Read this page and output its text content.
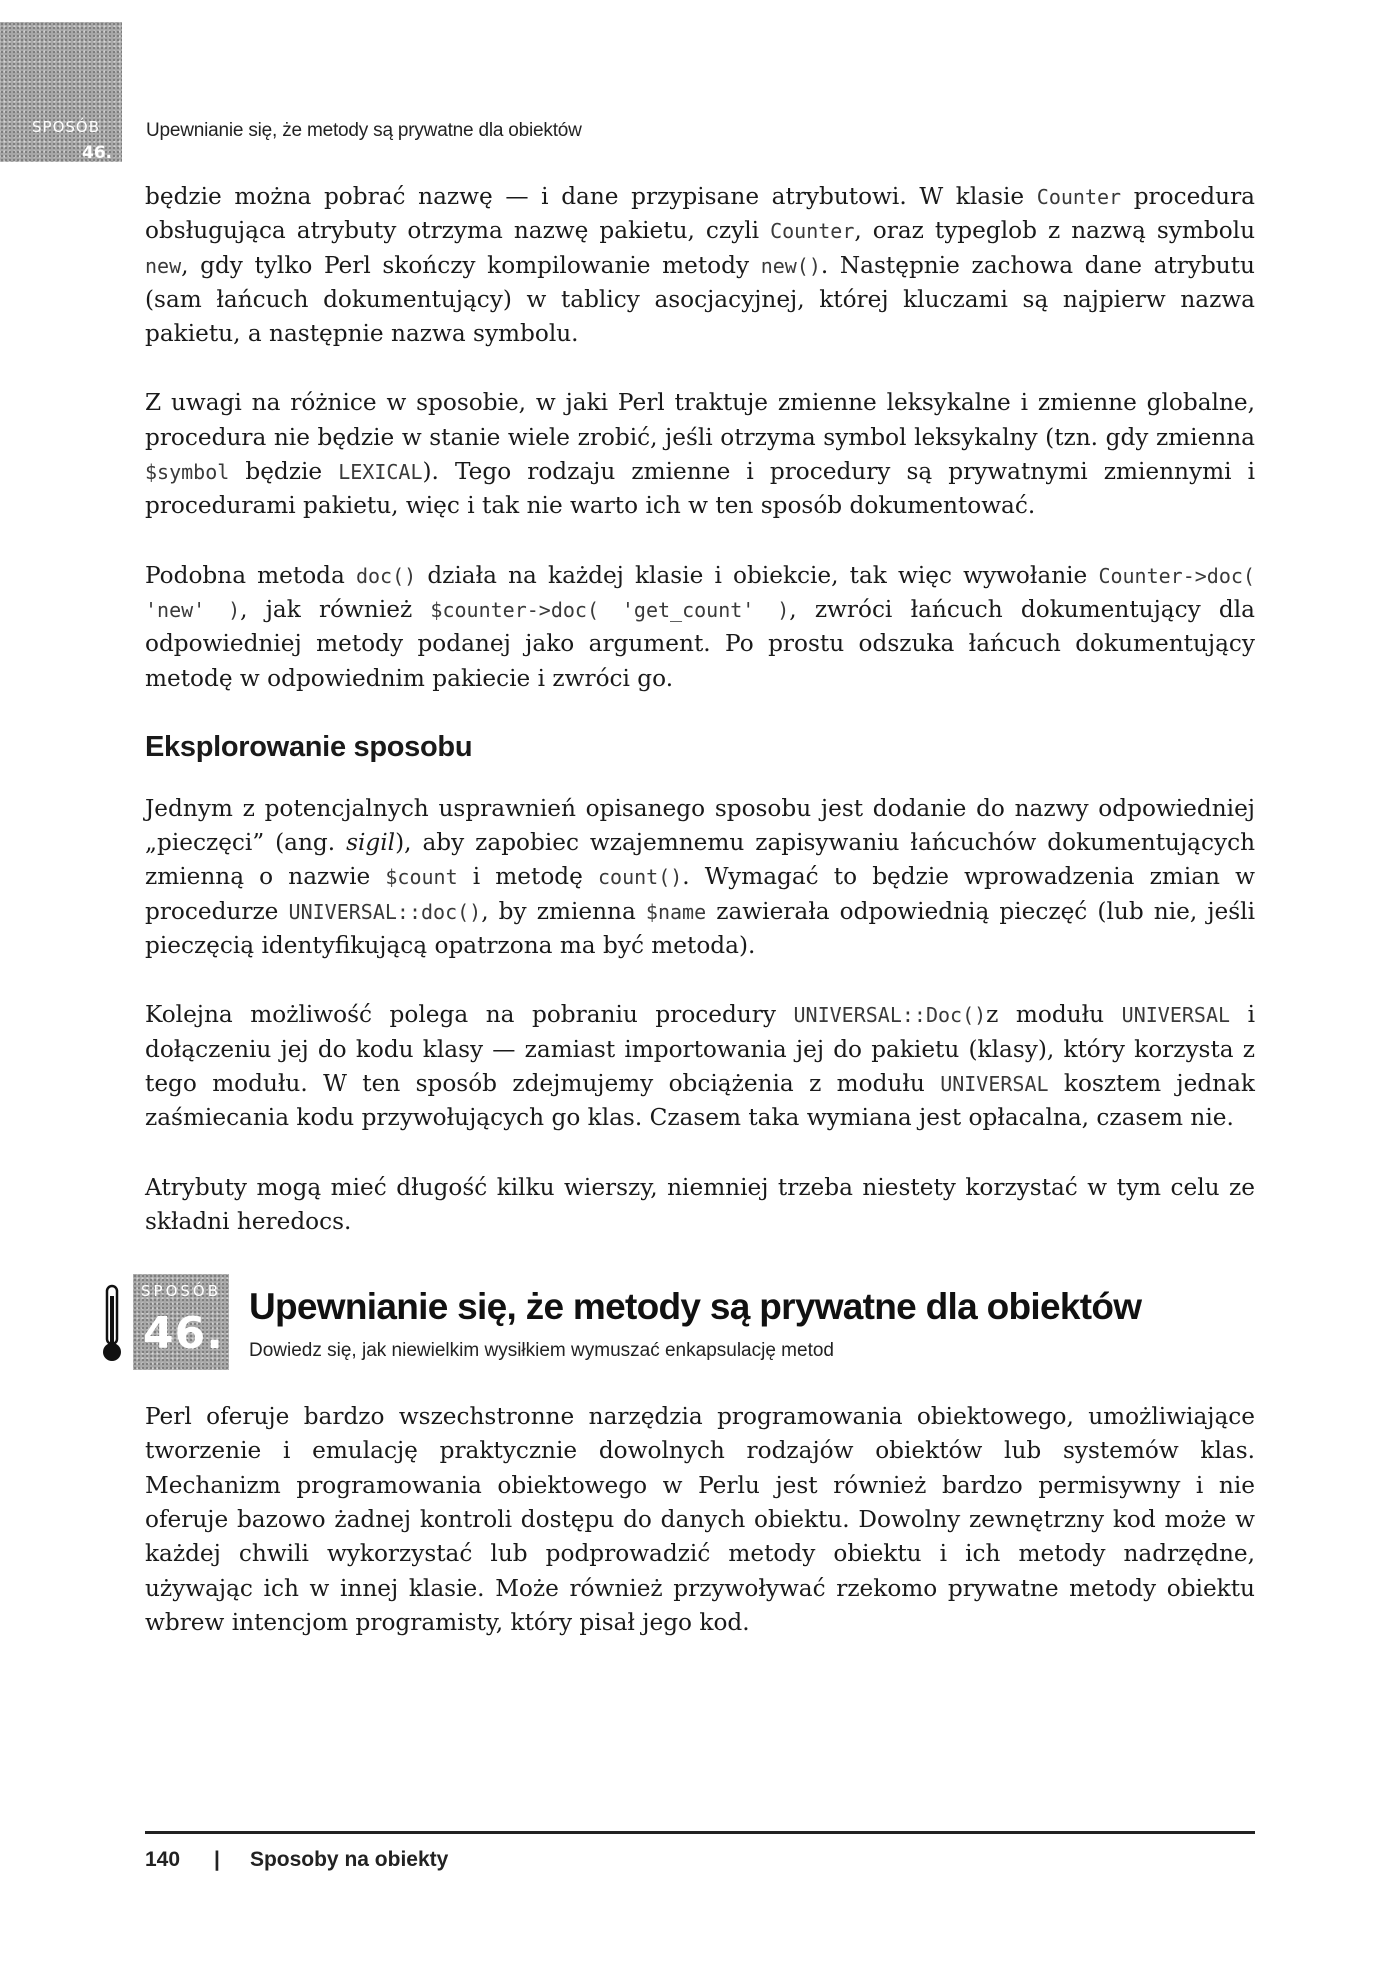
SPOSÓB
46.
Upewnianie się, że metody są prywatne dla obiektów

będzie można pobrać nazwę — i dane przypisane atrybutowi. W klasie Counter procedura obsługująca atrybuty otrzyma nazwę pakietu, czyli Counter, oraz typeglob z nazwą symbolu new, gdy tylko Perl skończy kompilowanie metody new(). Następnie zachowa dane atrybutu (sam łańcuch dokumentujący) w tablicy asocjacyjnej, której kluczami są najpierw nazwa pakietu, a następnie nazwa symbolu.

Z uwagi na różnice w sposobie, w jaki Perl traktuje zmienne leksykalne i zmienne globalne, procedura nie będzie w stanie wiele zrobić, jeśli otrzyma symbol leksykalny (tzn. gdy zmienna $symbol będzie LEXICAL). Tego rodzaju zmienne i procedury są prywatnymi zmiennymi i procedurami pakietu, więc i tak nie warto ich w ten sposób dokumentować.

Podobna metoda doc() działa na każdej klasie i obiekcie, tak więc wywołanie Counter->doc( 'new' ), jak również $counter->doc( 'get_count' ), zwróci łańcuch dokumentujący dla odpowiedniej metody podanej jako argument. Po prostu odszuka łańcuch dokumentujący metodę w odpowiednim pakiecie i zwróci go.

Eksplorowanie sposobu

Jednym z potencjalnych usprawnień opisanego sposobu jest dodanie do nazwy odpowiedniej „pieczęci” (ang. sigil), aby zapobiec wzajemnemu zapisywaniu łańcuchów dokumentujących zmienną o nazwie $count i metodę count(). Wymagać to będzie wprowadzenia zmian w procedurze UNIVERSAL::doc(), by zmienna $name zawierała odpowiednią pieczęć (lub nie, jeśli pieczęcią identyfikującą opatrzona ma być metoda).

Kolejna możliwość polega na pobraniu procedury UNIVERSAL::Doc()z modułu UNIVERSAL i dołączeniu jej do kodu klasy — zamiast importowania jej do pakietu (klasy), który korzysta z tego modułu. W ten sposób zdejmujemy obciążenia z modułu UNIVERSAL kosztem jednak zaśmiecania kodu przywołujących go klas. Czasem taka wymiana jest opłacalna, czasem nie.

Atrybuty mogą mieć długość kilku wierszy, niemniej trzeba niestety korzystać w tym celu ze składni heredocs.

SPOSÓB
46.
Upewnianie się, że metody są prywatne dla obiektów
Dowiedz się, jak niewielkim wysiłkiem wymuszać enkapsulację metod

Perl oferuje bardzo wszechstronne narzędzia programowania obiektowego, umożliwiające tworzenie i emulację praktycznie dowolnych rodzajów obiektów lub systemów klas. Mechanizm programowania obiektowego w Perlu jest również bardzo permisywny i nie oferuje bazowo żadnej kontroli dostępu do danych obiektu. Dowolny zewnętrzny kod może w każdej chwili wykorzystać lub podprowadzić metody obiektu i ich metody nadrzędne, używając ich w innej klasie. Może również przywoływać rzekomo prywatne metody obiektu wbrew intencjom programisty, który pisał jego kod.

140 | Sposoby na obiekty
